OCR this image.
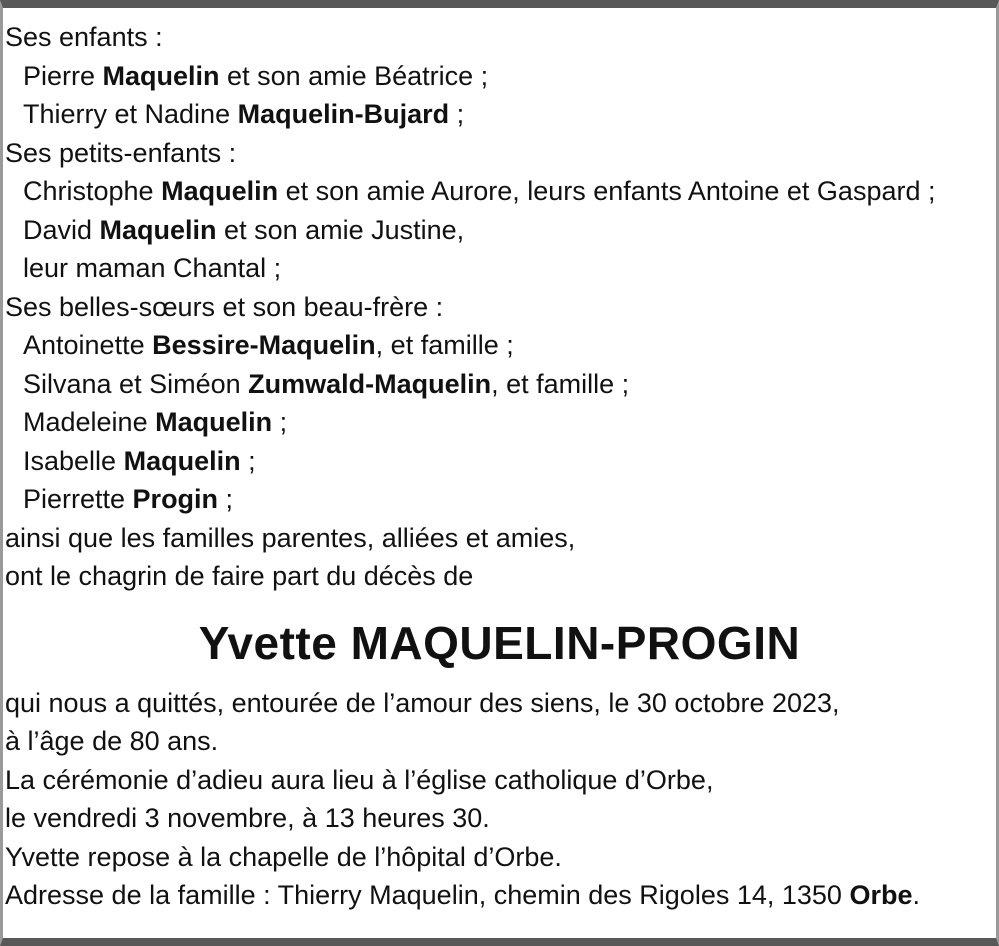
Ses enfants :
Pierre Maquelin et son amie Béatrice ;
Thierry et Nadine Maquelin-Bujard ;
Ses petits-enfants :
Christophe Maquelin et son amie Aurore, leurs enfants Antoine et Gaspard ;
David Maquelin et son amie Justine,
leur maman Chantal ;
Ses belles-sœurs et son beau-frère :
Antoinette Bessire-Maquelin, et famille ;
Silvana et Siméon Zumwald-Maquelin, et famille ;
Madeleine Maquelin ;
Isabelle Maquelin ;
Pierrette Progin ;
ainsi que les familles parentes, alliées et amies,
ont le chagrin de faire part du décès de
Yvette MAQUELIN-PROGIN
qui nous a quittés, entourée de l’amour des siens, le 30 octobre 2023,
à l’âge de 80 ans.
La cérémonie d’adieu aura lieu à l’église catholique d’Orbe,
le vendredi 3 novembre, à 13 heures 30.
Yvette repose à la chapelle de l’hôpital d’Orbe.
Adresse de la famille : Thierry Maquelin, chemin des Rigoles 14, 1350 Orbe.
